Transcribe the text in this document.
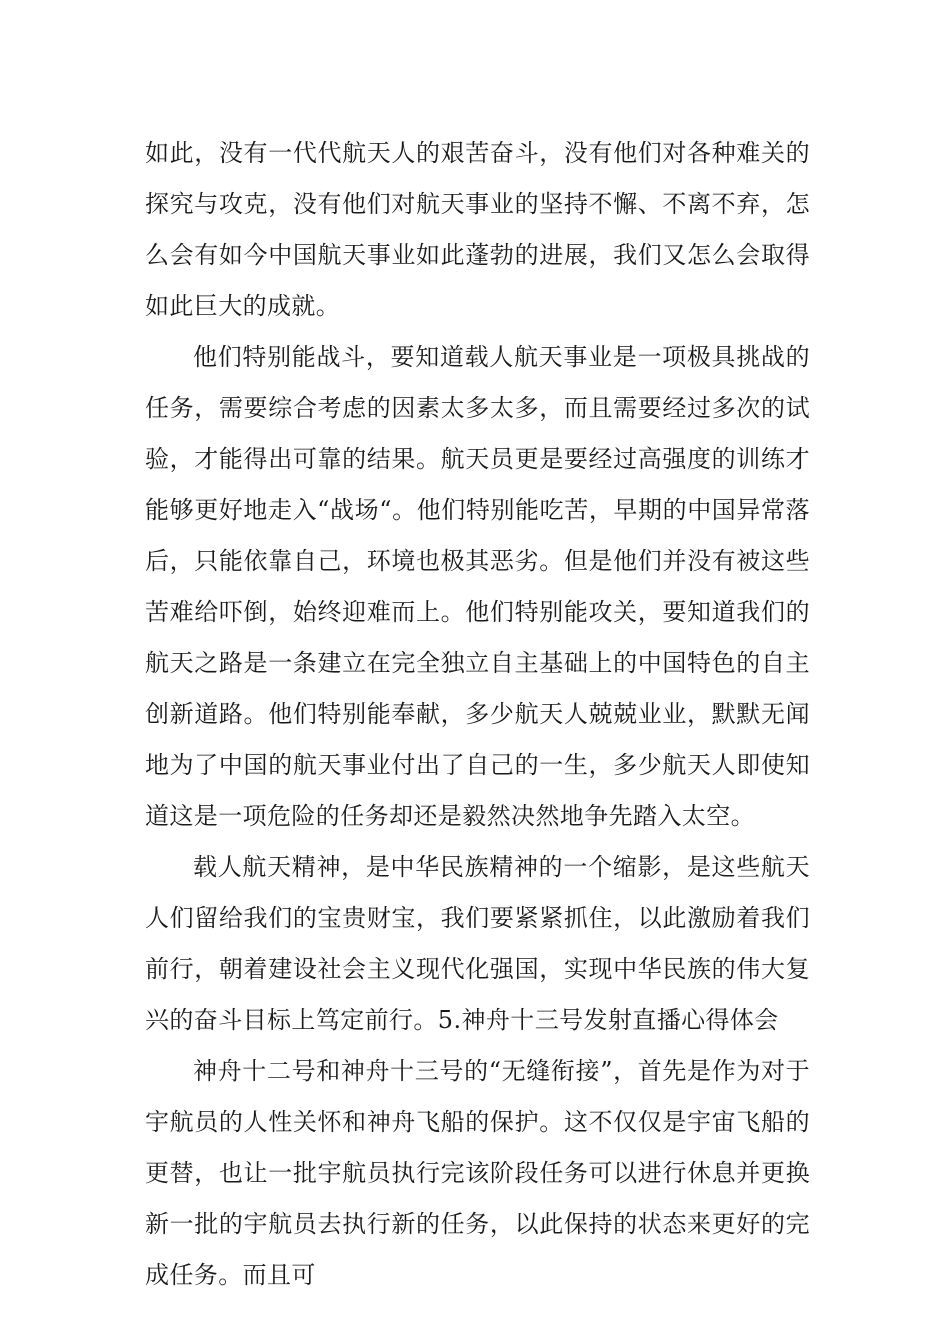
如此，没有一代代航天人的艰苦奋斗，没有他们对各种难关的探究与攻克，没有他们对航天事业的坚持不懈、不离不弃，怎么会有如今中国航天事业如此蓬勃的进展，我们又怎么会取得如此巨大的成就。

他们特别能战斗，要知道载人航天事业是一项极具挑战的任务，需要综合考虑的因素太多太多，而且需要经过多次的试验，才能得出可靠的结果。航天员更是要经过高强度的训练才能够更好地走入“战场“。他们特别能吃苦，早期的中国异常落后，只能依靠自己，环境也极其恶劣。但是他们并没有被这些苦难给吓倒，始终迎难而上。他们特别能攻关，要知道我们的航天之路是一条建立在完全独立自主基础上的中国特色的自主创新道路。他们特别能奉献，多少航天人兢兢业业，默默无闻地为了中国的航天事业付出了自己的一生，多少航天人即使知道这是一项危险的任务却还是毅然决然地争先踏入太空。

载人航天精神，是中华民族精神的一个缩影，是这些航天人们留给我们的宝贵财宝，我们要紧紧抓住，以此激励着我们前行，朝着建设社会主义现代化强国，实现中华民族的伟大复兴的奋斗目标上笃定前行。5.神舟十三号发射直播心得体会

神舟十二号和神舟十三号的“无缝衔接”，首先是作为对于宇航员的人性关怀和神舟飞船的保护。这不仅仅是宇宙飞船的更替，也让一批宇航员执行完该阶段任务可以进行休息并更换新一批的宇航员去执行新的任务，以此保持的状态来更好的完成任务。而且可
